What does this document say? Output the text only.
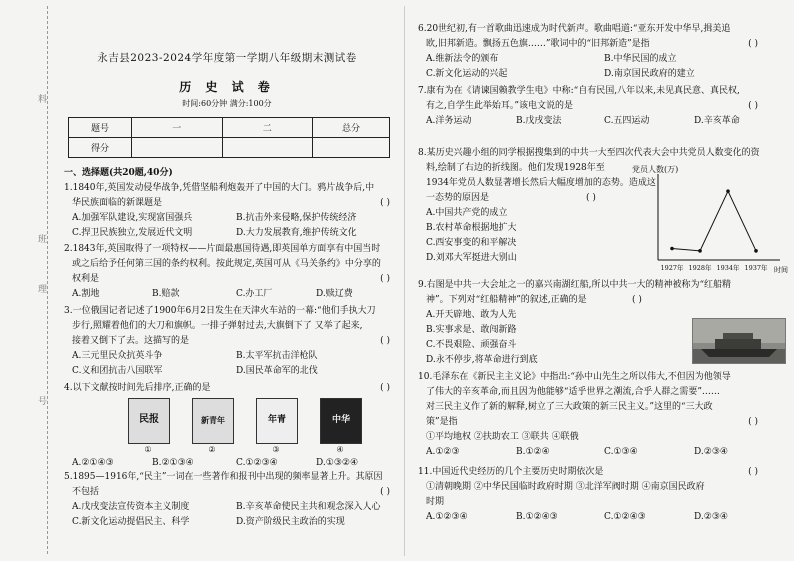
料
班
理
号
永吉县2023-2024学年度第一学期八年级期末测试卷
历 史 试 卷
时间:60分钟 满分:100分
题号	一	二	总分
得分			
一、选择题(共20题,40分)
1.1840年,英国发动侵华战争,凭借坚船利炮轰开了中国的大门。鸦片战争后,中
华民族面临的新课题是	( )
A.加强军队建设,实现富国强兵	B.抗击外来侵略,保护传统经济
C.捍卫民族独立,发展近代文明	D.大力发展教育,维护传统文化
2.1843年,英国取得了一项特权——片面最惠国待遇,即英国单方面享有中国当时
或之后给予任何第三国的条约权利。按此规定,英国可从《马关条约》中分享的
权利是	( )
A.割地	B.赔款	C.办工厂	D.赎辽费
3.一位俄国记者记述了1900年6月2日发生在天津火车站的一幕:“他们手执大刀
步行,照耀着他们的大刀和旗帜。一排子弹射过去,大旗倒下了 又举了起来,
接着又倒下了去。这描写的是	( )
A.三元里民众抗英斗争	B.太平军抗击洋枪队
C.义和团抗击八国联军	D.国民革命军的北伐
4.以下文献按时间先后排序,正确的是	( )
民报
①
新青年
②
年青
③
中华
④
A.②①④③	B.②①③④	C.①②③④	D.①③②④
5.1895—1916年,“民主”一词在一些著作和报刊中出现的频率显著上升。其原因
不包括	( )
A.戊戌变法宣传资本主义制度	B.辛亥革命使民主共和观念深入人心
C.新文化运动提倡民主、科学	D.资产阶级民主政治的实现
6.20世纪初,有一首歌曲迅速成为时代新声。歌曲唱道:“亚东开发中华早,揖美追
欧,旧邦新造。飘扬五色旗……”歌词中的“旧邦新造”是指	( )
A.维新法令的颁布	B.中华民国的成立
C.新文化运动的兴起	D.南京国民政府的建立
7.康有为在《请谏国赖教学生电》中称:“自有民国,八年以来,未见真民意、真民权,
有之,自学生此举始耳。”该电文说的是	( )
A.洋务运动	B.戊戌变法	C.五四运动	D.辛亥革命
8.某历史兴趣小组的同学根据搜集到的中共一大至四次代表大会中共党员人数变化的资
料,绘制了右边的折线图。他们发现1928年至
1934年党员人数显著增长然后大幅度增加的态势。造成这
一态势的原因是	( )
A.中国共产党的成立
B.农村革命根据地扩大
C.西安事变的和平解决
D.刘邓大军挺进大别山
党员人数(万)
时间
1927年 1928年 1934年 1937年
9.右图是中共一大会址之一的嘉兴南湖红船,所以中共一大的精神被称为“红船精
神”。下列对“红船精神”的叙述,正确的是	( )
A.开天辟地、敢为人先
B.实事求是、敢闯新路
C.不畏艰险、顽强奋斗
D.永不停步,将革命进行到底
10.毛泽东在《新民主主义论》中指出:“孙中山先生之所以伟大,不但因为他领导
了伟大的辛亥革命,而且因为他能够“适乎世界之潮流,合乎人群之需要”……
对三民主义作了新的解释,树立了三大政策的新三民主义。”这里的“三大政
策”是指	( )
①平均地权 ②扶助农工 ③联共 ④联俄
A.①②③	B.①②④	C.①③④	D.②③④
11.中国近代史经历的几个主要历史时期依次是	( )
①清朝晚期 ②中华民国临时政府时期 ③北洋军阀时期 ④南京国民政府
时期
A.①②③④	B.①②④③	C.①②④③	D.②③④
